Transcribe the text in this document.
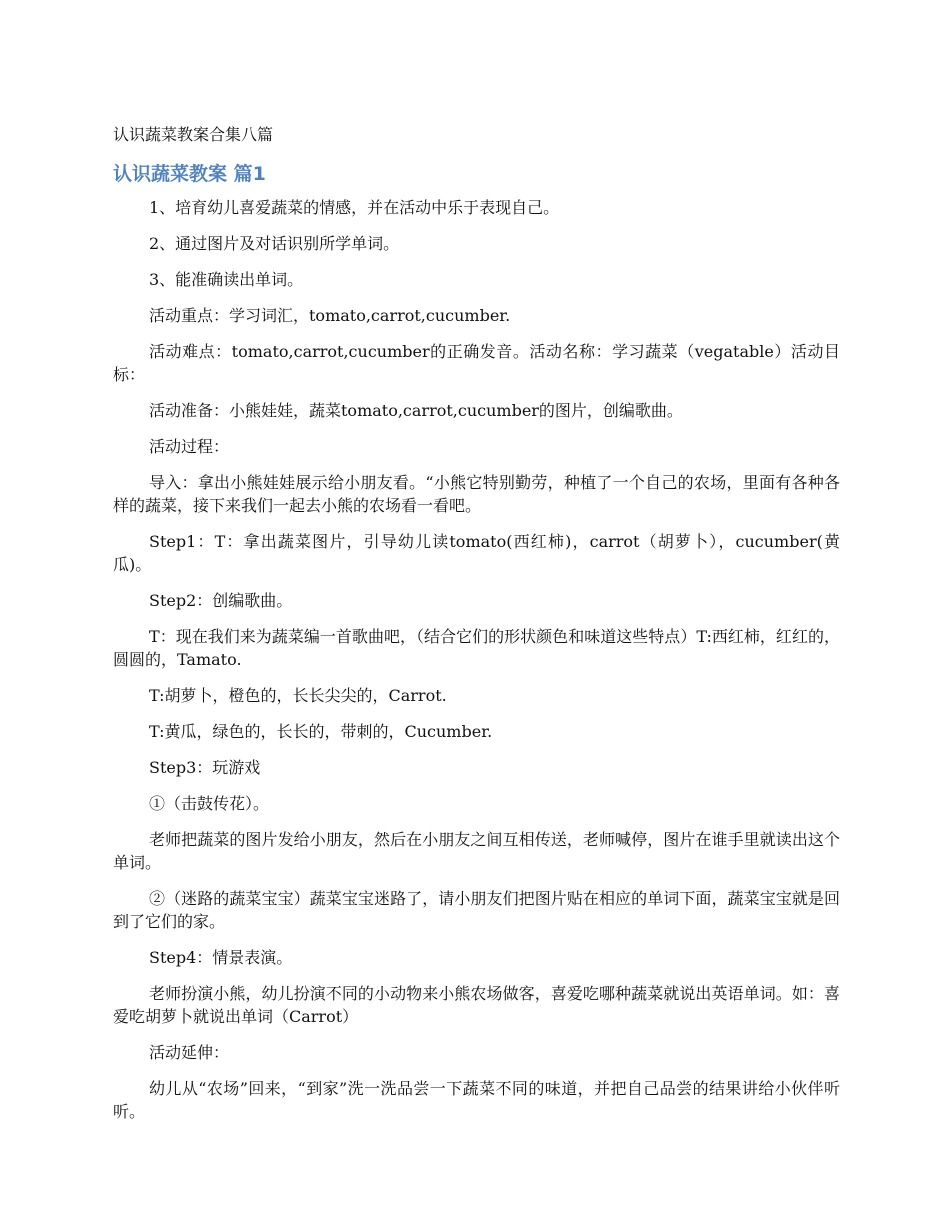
认识蔬菜教案合集八篇
认识蔬菜教案 篇1

1、培育幼儿喜爱蔬菜的情感，并在活动中乐于表现自己。

2、通过图片及对话识别所学单词。

3、能准确读出单词。

活动重点：学习词汇，tomato,carrot,cucumber.

活动难点：tomato,carrot,cucumber的正确发音。活动名称：学习蔬菜（vegatable）活动目标：

活动准备：小熊娃娃，蔬菜tomato,carrot,cucumber的图片，创编歌曲。

活动过程：

导入：拿出小熊娃娃展示给小朋友看。“小熊它特别勤劳，种植了一个自己的农场，里面有各种各样的蔬菜，接下来我们一起去小熊的农场看一看吧。

Step1：T：拿出蔬菜图片，引导幼儿读tomato(西红柿)，carrot（胡萝卜），cucumber(黄瓜)。

Step2：创编歌曲。

T：现在我们来为蔬菜编一首歌曲吧，（结合它们的形状颜色和味道这些特点）T:西红柿，红红的，圆圆的，Tamato.

T:胡萝卜，橙色的，长长尖尖的，Carrot.

T:黄瓜，绿色的，长长的，带刺的，Cucumber.

Step3：玩游戏

①（击鼓传花）。

老师把蔬菜的图片发给小朋友，然后在小朋友之间互相传送，老师喊停，图片在谁手里就读出这个单词。

②（迷路的蔬菜宝宝）蔬菜宝宝迷路了，请小朋友们把图片贴在相应的单词下面，蔬菜宝宝就是回到了它们的家。

Step4：情景表演。

老师扮演小熊，幼儿扮演不同的小动物来小熊农场做客，喜爱吃哪种蔬菜就说出英语单词。如：喜爱吃胡萝卜就说出单词（Carrot）

活动延伸：

幼儿从“农场”回来，“到家”洗一洗品尝一下蔬菜不同的味道，并把自己品尝的结果讲给小伙伴听听。
